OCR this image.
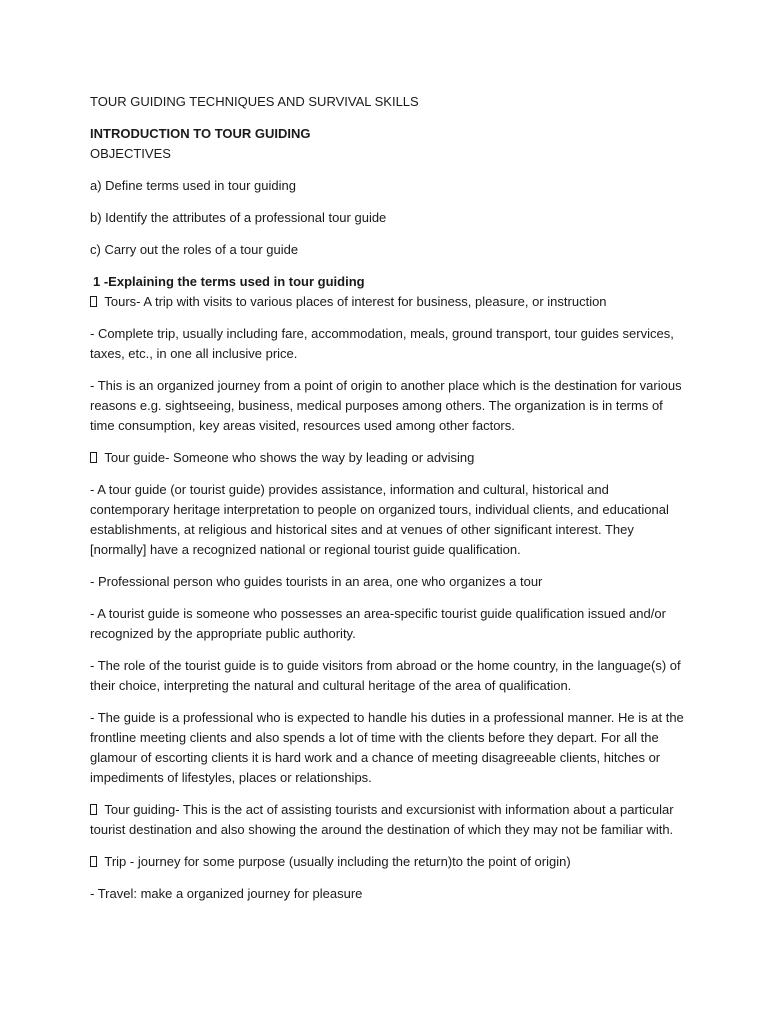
TOUR GUIDING TECHNIQUES AND SURVIVAL SKILLS
INTRODUCTION TO TOUR GUIDING
OBJECTIVES
a) Define terms used in tour guiding
b) Identify the attributes of a professional tour guide
c) Carry out the roles of a tour guide
1 -Explaining the terms used in tour guiding
Tours- A trip with visits to various places of interest for business, pleasure, or instruction
- Complete trip, usually including fare, accommodation, meals, ground transport, tour guides services, taxes, etc., in one all inclusive price.
- This is an organized journey from a point of origin to another place which is the destination for various reasons e.g. sightseeing, business, medical purposes among others. The organization is in terms of time consumption, key areas visited, resources used among other factors.
Tour guide- Someone who shows the way by leading or advising
- A tour guide (or tourist guide) provides assistance, information and cultural, historical and contemporary heritage interpretation to people on organized tours, individual clients, and educational establishments, at religious and historical sites and at venues of other significant interest. They [normally] have a recognized national or regional tourist guide qualification.
- Professional person who guides tourists in an area, one who organizes a tour
- A tourist guide is someone who possesses an area-specific tourist guide qualification issued and/or recognized by the appropriate public authority.
- The role of the tourist guide is to guide visitors from abroad or the home country, in the language(s) of their choice, interpreting the natural and cultural heritage of the area of qualification.
- The guide is a professional who is expected to handle his duties in a professional manner. He is at the frontline meeting clients and also spends a lot of time with the clients before they depart. For all the glamour of escorting clients it is hard work and a chance of meeting disagreeable clients, hitches or impediments of lifestyles, places or relationships.
Tour guiding- This is the act of assisting tourists and excursionist with information about a particular tourist destination and also showing the around the destination of which they may not be familiar with.
Trip - journey for some purpose (usually including the return)to the point of origin)
- Travel: make a organized journey for pleasure
